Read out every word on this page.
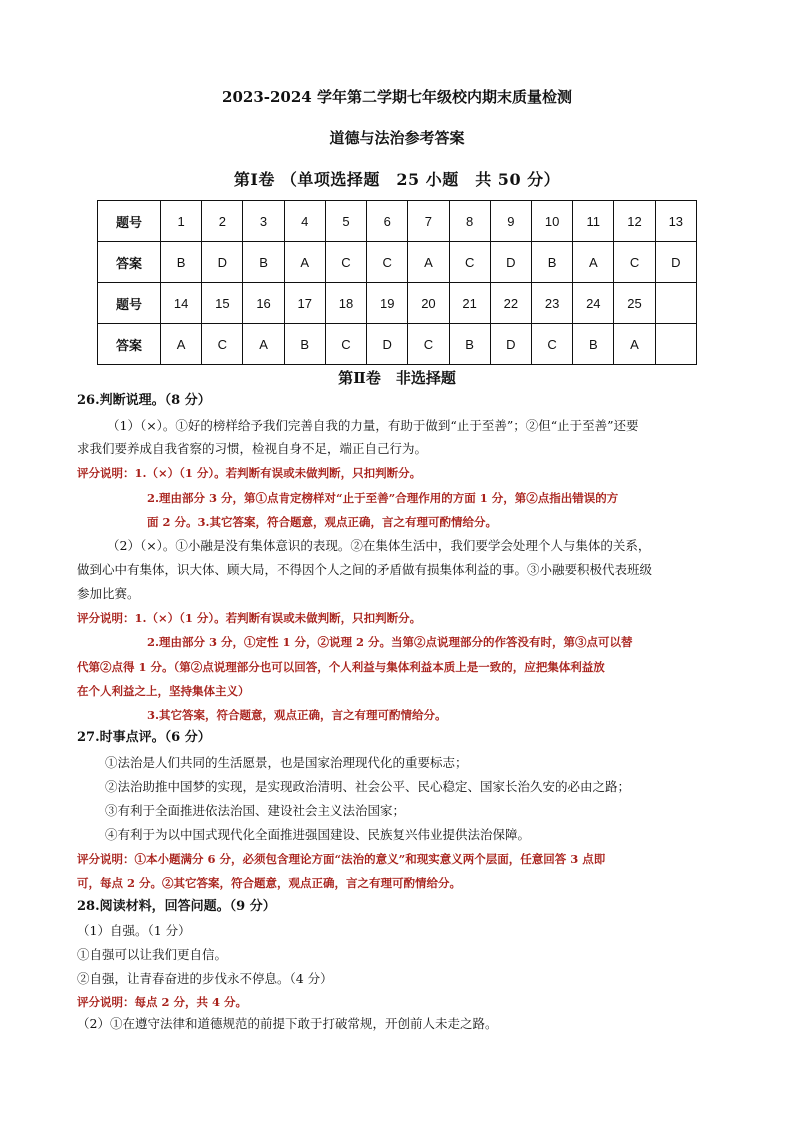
2023-2024 学年第二学期七年级校内期末质量检测
道德与法治参考答案
第Ⅰ卷 （单项选择题　25 小题　共 50 分）
题号	1	2	3	4	5	6	7	8	9	10	11	12	13
答案	B	D	B	A	C	C	A	C	D	B	A	C	D
题号	14	15	16	17	18	19	20	21	22	23	24	25	
答案	A	C	A	B	C	D	C	B	D	C	B	A	
第Ⅱ卷　非选择题
26.判断说理。（8 分）
（1）（×）。①好的榜样给予我们完善自我的力量，有助于做到“止于至善”；②但“止于至善”还要
求我们要养成自我省察的习惯，检视自身不足，端正自己行为。
评分说明：1.（×）（1 分）。若判断有误或未做判断，只扣判断分。
2.理由部分 3 分，第①点肯定榜样对“止于至善”合理作用的方面 1 分，第②点指出错误的方
面 2 分。3.其它答案，符合题意，观点正确，言之有理可酌情给分。
（2）（×）。①小融是没有集体意识的表现。②在集体生活中，我们要学会处理个人与集体的关系，
做到心中有集体，识大体、顾大局，不得因个人之间的矛盾做有损集体利益的事。③小融要积极代表班级
参加比赛。
评分说明：1.（×）（1 分）。若判断有误或未做判断，只扣判断分。
2.理由部分 3 分，①定性 1 分，②说理 2 分。当第②点说理部分的作答没有时，第③点可以替
代第②点得 1 分。（第②点说理部分也可以回答，个人利益与集体利益本质上是一致的，应把集体利益放
在个人利益之上，坚持集体主义）
3.其它答案，符合题意，观点正确，言之有理可酌情给分。
27.时事点评。（6 分）
①法治是人们共同的生活愿景，也是国家治理现代化的重要标志；
②法治助推中国梦的实现，是实现政治清明、社会公平、民心稳定、国家长治久安的必由之路；
③有利于全面推进依法治国、建设社会主义法治国家；
④有利于为以中国式现代化全面推进强国建设、民族复兴伟业提供法治保障。
评分说明：①本小题满分 6 分，必须包含理论方面“法治的意义”和现实意义两个层面，任意回答 3 点即
可，每点 2 分。②其它答案，符合题意，观点正确，言之有理可酌情给分。
28.阅读材料，回答问题。（9 分）
（1）自强。（1 分）
①自强可以让我们更自信。
②自强，让青春奋进的步伐永不停息。（4 分）
评分说明：每点 2 分，共 4 分。
（2）①在遵守法律和道德规范的前提下敢于打破常规，开创前人未走之路。
